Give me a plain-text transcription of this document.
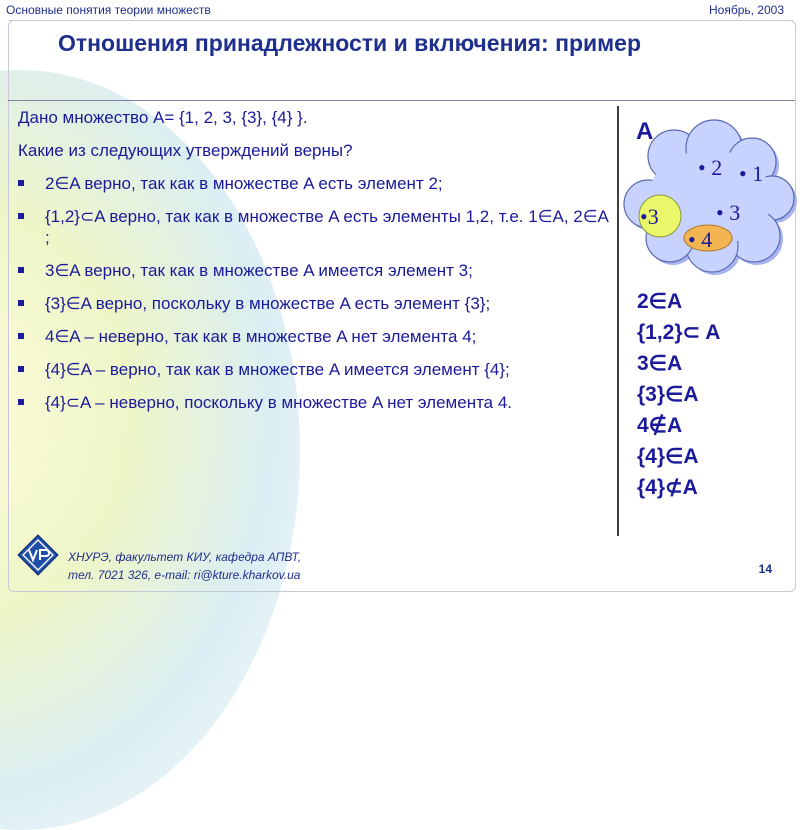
Основные понятия теории множеств	Ноябрь, 2003
Отношения принадлежности и включения: пример

Дано множество A= {1, 2, 3, {3}, {4} }.

Какие из следующих утверждений верны?

2∈A верно, так как в множестве A есть элемент 2;
{1,2}⊂A верно, так как в множестве A есть элементы 1,2, т.е. 1∈A, 2∈A ;
3∈A верно, так как в множестве A имеется элемент 3;
{3}∈A верно, поскольку в множестве A есть элемент {3};
4∈A – неверно, так как в множестве A нет элемента 4;
{4}∈A – верно, так как в множестве A имеется элемент {4};
{4}⊂A – неверно, поскольку в множестве A нет элемента 4.
• 2 • 1
•3	• 3
• 4
A
2∈A
{1,2}⊂ A
3∈A
{3}∈A
4∉A
{4}∈A
{4}⊄A
ХНУРЭ, факультет КИУ, кафедра АПВТ,
тел. 7021 326, e-mail: ri@kture.kharkov.ua	14
